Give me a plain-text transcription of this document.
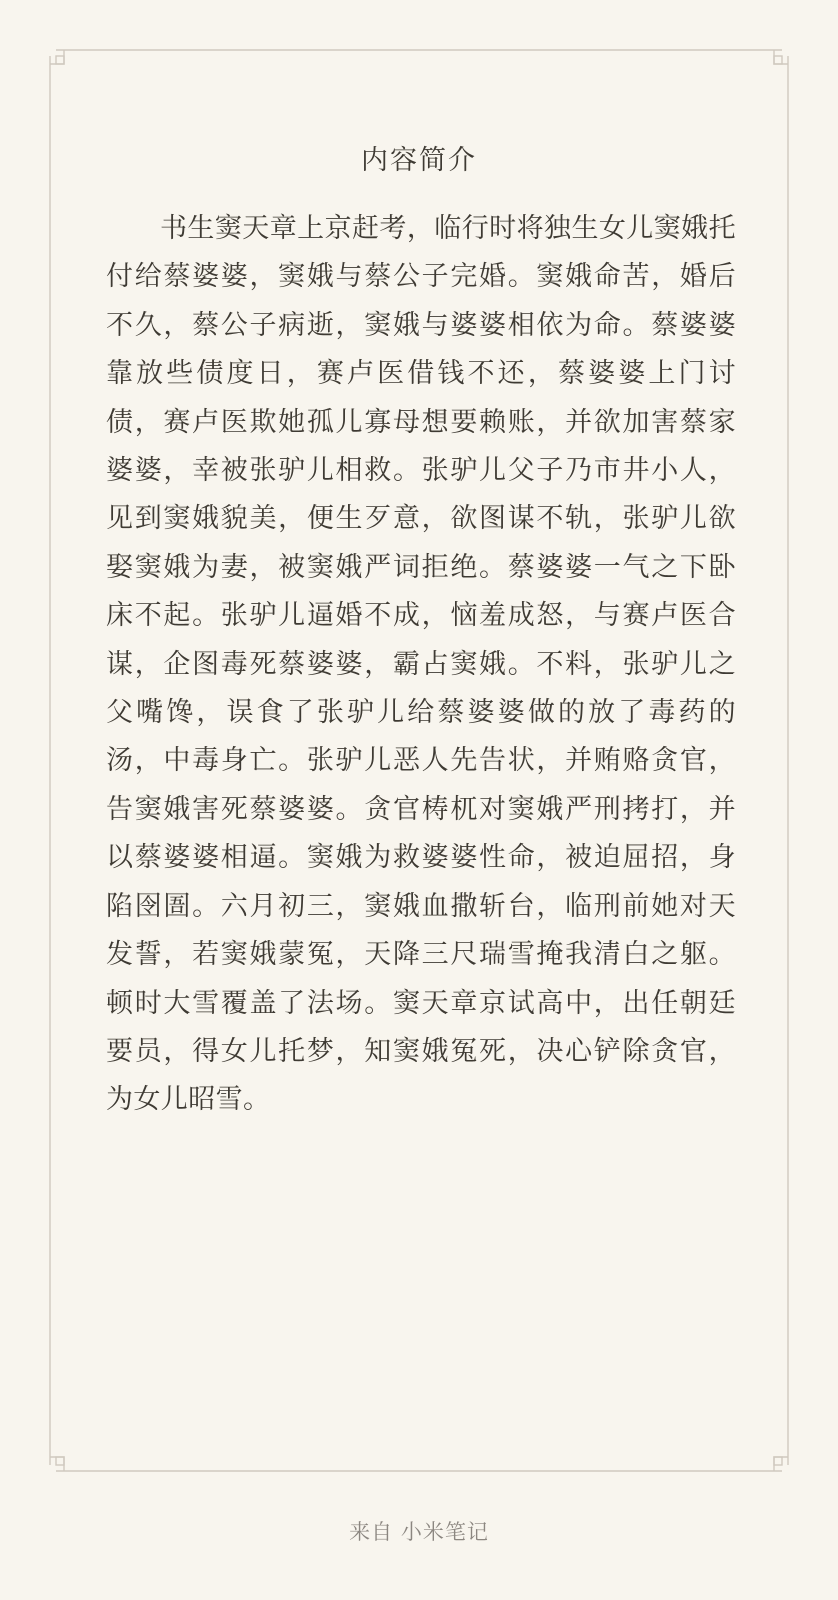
内容简介

书生窦天章上京赶考，临行时将独生女儿窦娥托付给蔡婆婆，窦娥与蔡公子完婚。窦娥命苦，婚后不久，蔡公子病逝，窦娥与婆婆相依为命。蔡婆婆靠放些债度日，赛卢医借钱不还，蔡婆婆上门讨债，赛卢医欺她孤儿寡母想要赖账，并欲加害蔡家婆婆，幸被张驴儿相救。张驴儿父子乃市井小人，见到窦娥貌美，便生歹意，欲图谋不轨，张驴儿欲娶窦娥为妻，被窦娥严词拒绝。蔡婆婆一气之下卧床不起。张驴儿逼婚不成，恼羞成怒，与赛卢医合谋，企图毒死蔡婆婆，霸占窦娥。不料，张驴儿之父嘴馋，误食了张驴儿给蔡婆婆做的放了毒药的汤，中毒身亡。张驴儿恶人先告状，并贿赂贪官，告窦娥害死蔡婆婆。贪官梼杌对窦娥严刑拷打，并以蔡婆婆相逼。窦娥为救婆婆性命，被迫屈招，身陷囹圄。六月初三，窦娥血撒斩台，临刑前她对天发誓，若窦娥蒙冤，天降三尺瑞雪掩我清白之躯。顿时大雪覆盖了法场。窦天章京试高中，出任朝廷要员，得女儿托梦，知窦娥冤死，决心铲除贪官，为女儿昭雪。

来自 小米笔记
